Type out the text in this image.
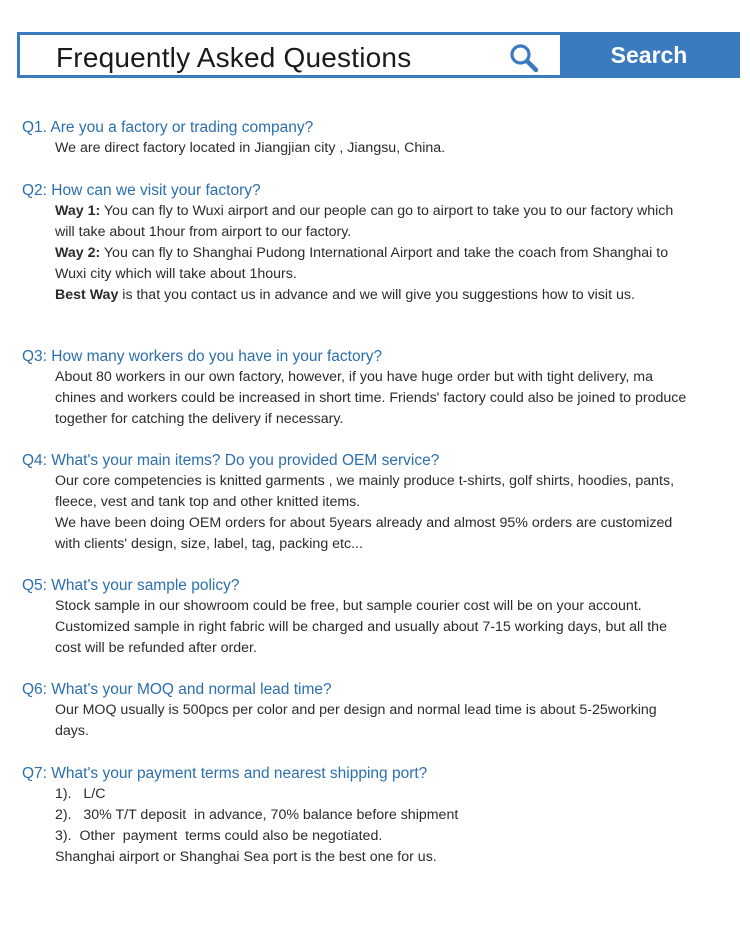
Frequently Asked Questions	Search
Q1. Are you a factory or trading company?
We are direct factory located in Jiangjian city , Jiangsu, China.
Q2: How can we visit your factory?
Way 1: You can fly to Wuxi airport and our people can go to airport to take you to our factory which
will take about 1hour from airport to our factory.
Way 2: You can fly to Shanghai Pudong International Airport and take the coach from Shanghai to
Wuxi city which will take about 1hours.
Best Way is that you contact us in advance and we will give you suggestions how to visit us.
Q3: How many workers do you have in your factory?
About 80 workers in our own factory, however, if you have huge order but with tight delivery, ma
chines and workers could be increased in short time. Friends' factory could also be joined to produce
together for catching the delivery if necessary.
Q4: What's your main items? Do you provided OEM service?
Our core competencies is knitted garments , we mainly produce t-shirts, golf shirts, hoodies, pants,
fleece, vest and tank top and other knitted items.
We have been doing OEM orders for about 5years already and almost 95% orders are customized
with clients' design, size, label, tag, packing etc...
Q5: What's your sample policy?
Stock sample in our showroom could be free, but sample courier cost will be on your account.
Customized sample in right fabric will be charged and usually about 7-15 working days, but all the
cost will be refunded after order.
Q6: What's your MOQ and normal lead time?
Our MOQ usually is 500pcs per color and per design and normal lead time is about 5-25working
days.
Q7: What's your payment terms and nearest shipping port?
1).   L/C
2).   30% T/T deposit  in advance, 70% balance before shipment
3).  Other  payment  terms could also be negotiated.
Shanghai airport or Shanghai Sea port is the best one for us.
